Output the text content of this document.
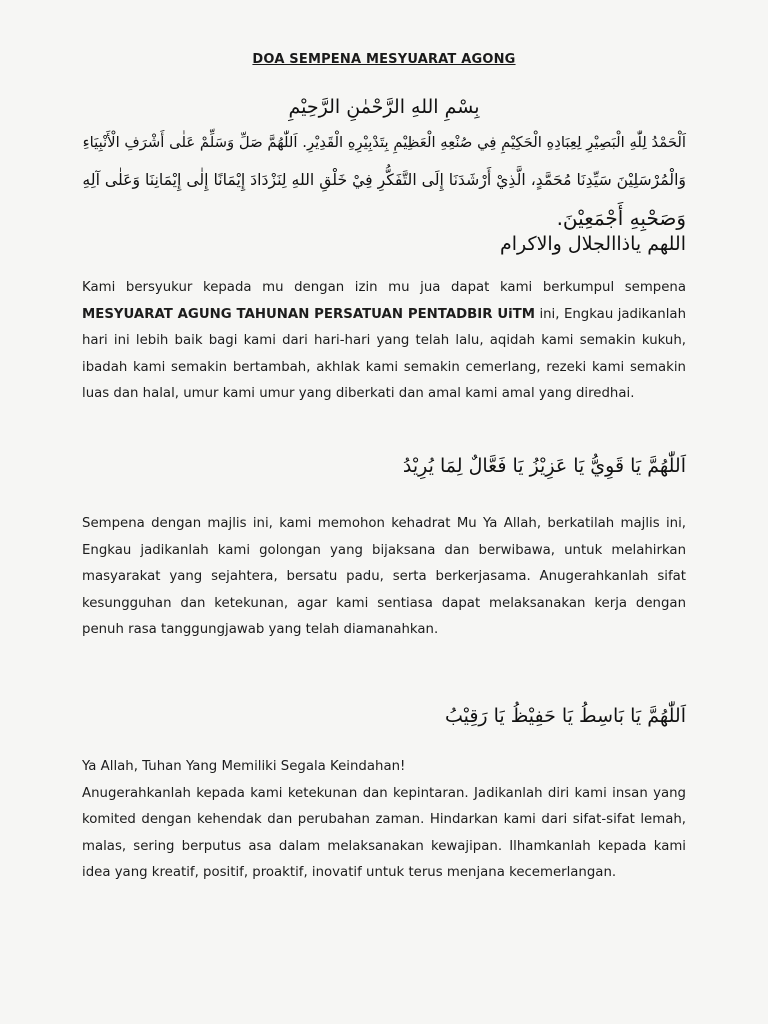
DOA SEMPENA MESYUARAT AGONG
بِسْمِ اللهِ الرَّحْمٰنِ الرَّحِيْمِ
اَلْحَمْدُ لِلّٰهِ الْبَصِيْرِ لِعِبَادِهِ الْحَكِيْمِ فِي صُنْعِهِ الْعَظِيْمِ بِتَدْبِيْرِهِ الْقَدِيْرِ. اَللّٰهُمَّ صَلِّ وَسَلِّمْ عَلٰى أَشْرَفِ الْأَنْبِيَاءِ
وَالْمُرْسَلِيْنَ سَيِّدِنَا مُحَمَّدٍ، الَّذِيْ أَرْشَدَنَا إِلَى التَّفَكُّرِ فِيْ خَلْقِ اللهِ لِنَزْدَادَ إِيْمَانًا إِلٰى إِيْمَانِنَا وَعَلٰى آلِهِ
وَصَحْبِهِ أَجْمَعِيْنَ.
اللهم ياذاالجلال والاكرام
Kami bersyukur kepada mu dengan izin mu jua dapat kami berkumpul sempena MESYUARAT AGUNG TAHUNAN PERSATUAN PENTADBIR UiTM ini, Engkau jadikanlah hari ini lebih baik bagi kami dari hari-hari yang telah lalu, aqidah kami semakin kukuh, ibadah kami semakin bertambah, akhlak kami semakin cemerlang, rezeki kami semakin luas dan halal, umur kami umur yang diberkati dan amal kami amal yang diredhai.
اَللّٰهُمَّ يَا قَوِيُّ يَا عَزِيْزُ يَا فَعَّالٌ لِمَا يُرِيْدُ
Sempena dengan majlis ini, kami memohon kehadrat Mu Ya Allah, berkatilah majlis ini, Engkau jadikanlah kami golongan yang bijaksana dan berwibawa, untuk melahirkan masyarakat yang sejahtera, bersatu padu, serta berkerjasama. Anugerahkanlah sifat kesungguhan dan ketekunan, agar kami sentiasa dapat melaksanakan kerja dengan penuh rasa tanggungjawab yang telah diamanahkan.
اَللّٰهُمَّ يَا بَاسِطُ يَا حَفِيْظُ يَا رَقِيْبُ
Ya Allah, Tuhan Yang Memiliki Segala Keindahan!
Anugerahkanlah kepada kami ketekunan dan kepintaran. Jadikanlah diri kami insan yang komited dengan kehendak dan perubahan zaman. Hindarkan kami dari sifat-sifat lemah, malas, sering berputus asa dalam melaksanakan kewajipan. Ilhamkanlah kepada kami idea yang kreatif, positif, proaktif, inovatif untuk terus menjana kecemerlangan.
